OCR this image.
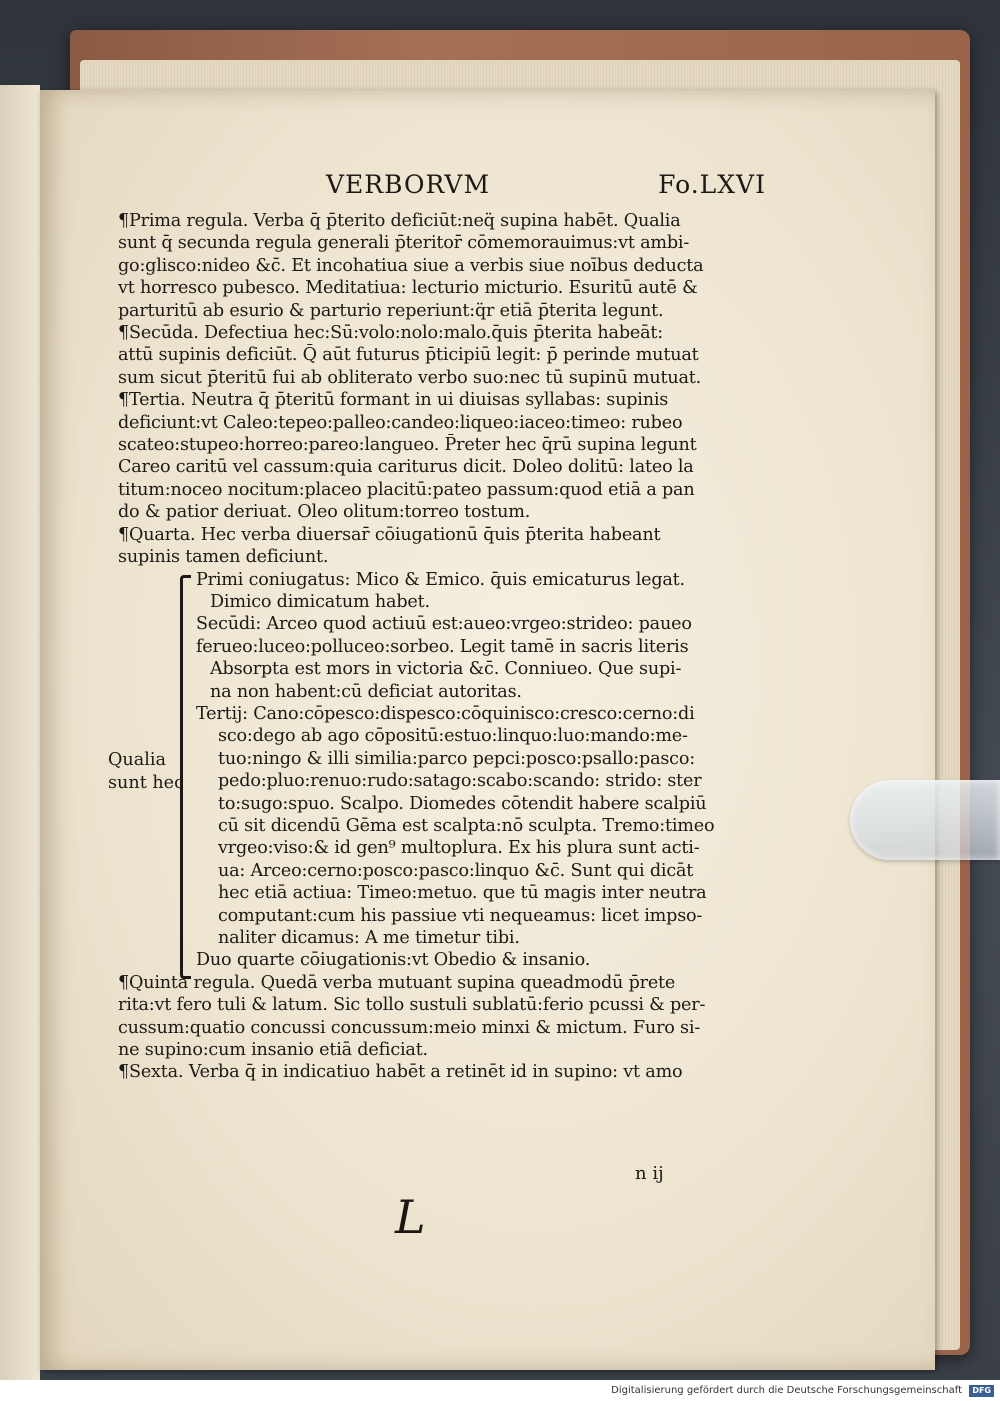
VERBORVM	Fo.LXVI
¶Prima regula. Verba q̄ p̄terito deficiūt:neq̈ supina habēt. Qualia
sunt q̄ secunda regula generali p̄teritor̄ cōmemorauimus:vt ambi-
go:glisco:nideo &c̄. Et incohatiua siue a verbis siue noībus deducta
vt horresco pubesco. Meditatiua: lecturio micturio. Esuritū autē &
parturitū ab esurio & parturio reperiunt:q̈r etiā p̄terita legunt.
¶Secūda. Defectiua hec:Sū:volo:nolo:malo.q̄uis p̄terita habeāt:
attū supinis deficiūt. Q̄ aūt futurus p̄ticipiū legit: p̄ perinde mutuat
sum sicut p̄teritū fui ab obliterato verbo suo:nec tū supinū mutuat.
¶Tertia. Neutra q̄ p̄teritū formant in ui diuisas syllabas: supinis
deficiunt:vt Caleo:tepeo:palleo:candeo:liqueo:iaceo:timeo: rubeo
scateo:stupeo:horreo:pareo:langueo. P̄reter hec q̄rū supina legunt
Careo caritū vel cassum:quia cariturus dicit. Doleo dolitū: lateo la
titum:noceo nocitum:placeo placitū:pateo passum:quod etiā a pan
do & patior deriuat. Oleo olitum:torreo tostum.
¶Quarta. Hec verba diuersar̄ cōiugationū q̄uis p̄terita habeant
supinis tamen deficiunt.
Qualia
sunt hec
Primi coniugatus: Mico & Emico. q̄uis emicaturus legat.
Dimico dimicatum habet.
Secūdi: Arceo quod actiuū est:aueo:vrgeo:strideo: paueo
ferueo:luceo:polluceo:sorbeo. Legit tamē in sacris literis
Absorpta est mors in victoria &c̄. Conniueo. Que supi-
na non habent:cū deficiat autoritas.
Tertij: Cano:cōpesco:dispesco:cōquinisco:cresco:cerno:di
sco:dego ab ago cōpositū:estuo:linquo:luo:mando:me-
tuo:ningo & illi similia:parco pepci:posco:psallo:pasco:
pedo:pluo:renuo:rudo:satago:scabo:scando: strido: ster
to:sugo:spuo. Scalpo. Diomedes cōtendit habere scalpiū
cū sit dicendū Gēma est scalpta:nō sculpta. Tremo:timeo
vrgeo:viso:& id gen⁹ multoplura. Ex his plura sunt acti-
ua: Arceo:cerno:posco:pasco:linquo &c̄. Sunt qui dicāt
hec etiā actiua: Timeo:metuo. que tū magis inter neutra
computant:cum his passiue vti nequeamus: licet impso-
naliter dicamus: A me timetur tibi.
Duo quarte cōiugationis:vt Obedio & insanio.
¶Quinta regula. Quedā verba mutuant supina queadmodū p̄rete
rita:vt fero tuli & latum. Sic tollo sustuli sublatū:ferio pcussi & per-
cussum:quatio concussi concussum:meio minxi & mictum. Furo si-
ne supino:cum insanio etiā deficiat.
¶Sexta. Verba q̄ in indicatiuo habēt a retinēt id in supino: vt amo
n ij
L
Digitalisierung gefördert durch die Deutsche Forschungsgemeinschaft	DFG
